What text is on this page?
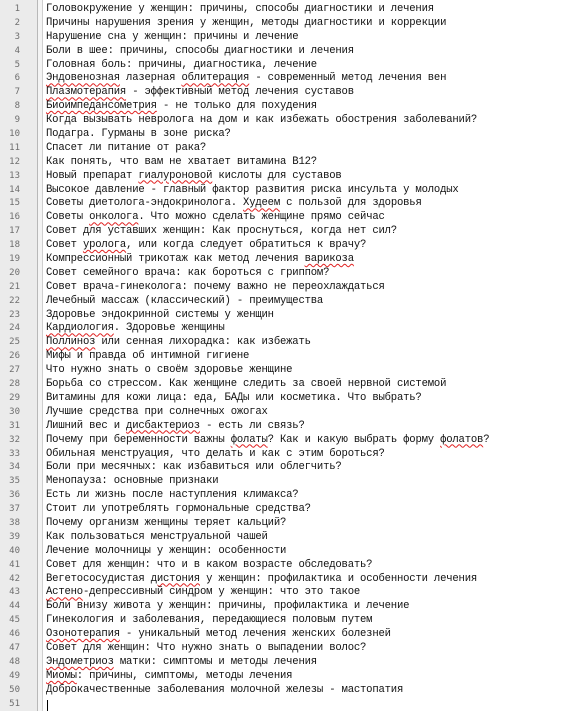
1 Головокружение у женщин: причины, способы диагностики и лечения
2 Причины нарушения зрения у женщин, методы диагностики и коррекции
3 Нарушение сна у женщин: причины и лечение
4 Боли в шее: причины, способы диагностики и лечения
5 Головная боль: причины, диагностика, лечение
6 Эндовенозная лазерная облитерация - современный метод лечения вен
7 Плазмотерапия - эффективный метод лечения суставов
8 Биоимпедансометрия - не только для похудения
9 Когда вызывать невролога на дом и как избежать обострения заболеваний?
10 Подагра. Гурманы в зоне риска?
11 Спасет ли питание от рака?
12 Как понять, что вам не хватает витамина B12?
13 Новый препарат гиалуроновой кислоты для суставов
14 Высокое давление - главный фактор развития риска инсульта у молодых
15 Советы диетолога-эндокринолога. Худеем с пользой для здоровья
16 Советы онколога. Что можно сделать женщине прямо сейчас
17 Совет для уставших женщин: Как проснуться, когда нет сил?
18 Совет уролога, или когда следует обратиться к врачу?
19 Компрессионный трикотаж как метод лечения варикоза
20 Совет семейного врача: как бороться с гриппом?
21 Совет врача-гинеколога: почему важно не переохлаждаться
22 Лечебный массаж (классический) - преимущества
23 Здоровье эндокринной системы у женщин
24 Кардиология. Здоровье женщины
25 Поллиноз или сенная лихорадка: как избежать
26 Мифы и правда об интимной гигиене
27 Что нужно знать о своём здоровье женщине
28 Борьба со стрессом. Как женщине следить за своей нервной системой
29 Витамины для кожи лица: еда, БАДы или косметика. Что выбрать?
30 Лучшие средства при солнечных ожогах
31 Лишний вес и дисбактериоз - есть ли связь?
32 Почему при беременности важны фолаты? Как и какую выбрать форму фолатов?
33 Обильная менструация, что делать и как с этим бороться?
34 Боли при месячных: как избавиться или облегчить?
35 Менопауза: основные признаки
36 Есть ли жизнь после наступления климакса?
37 Стоит ли употреблять гормональные средства?
38 Почему организм женщины теряет кальций?
39 Как пользоваться менструальной чашей
40 Лечение молочницы у женщин: особенности
41 Совет для женщин: что и в каком возрасте обследовать?
42 Вегетососудистая дистония у женщин: профилактика и особенности лечения
43 Астено-депрессивный синдром у женщин: что это такое
44 Боли внизу живота у женщин: причины, профилактика и лечение
45 Гинекология и заболевания, передающиеся половым путем
46 Озонотерапия - уникальный метод лечения женских болезней
47 Совет для женщин: Что нужно знать о выпадении волос?
48 Эндометриоз матки: симптомы и методы лечения
49 Миомы: причины, симптомы, методы лечения
50 Доброкачественные заболевания молочной железы - мастопатия
51
